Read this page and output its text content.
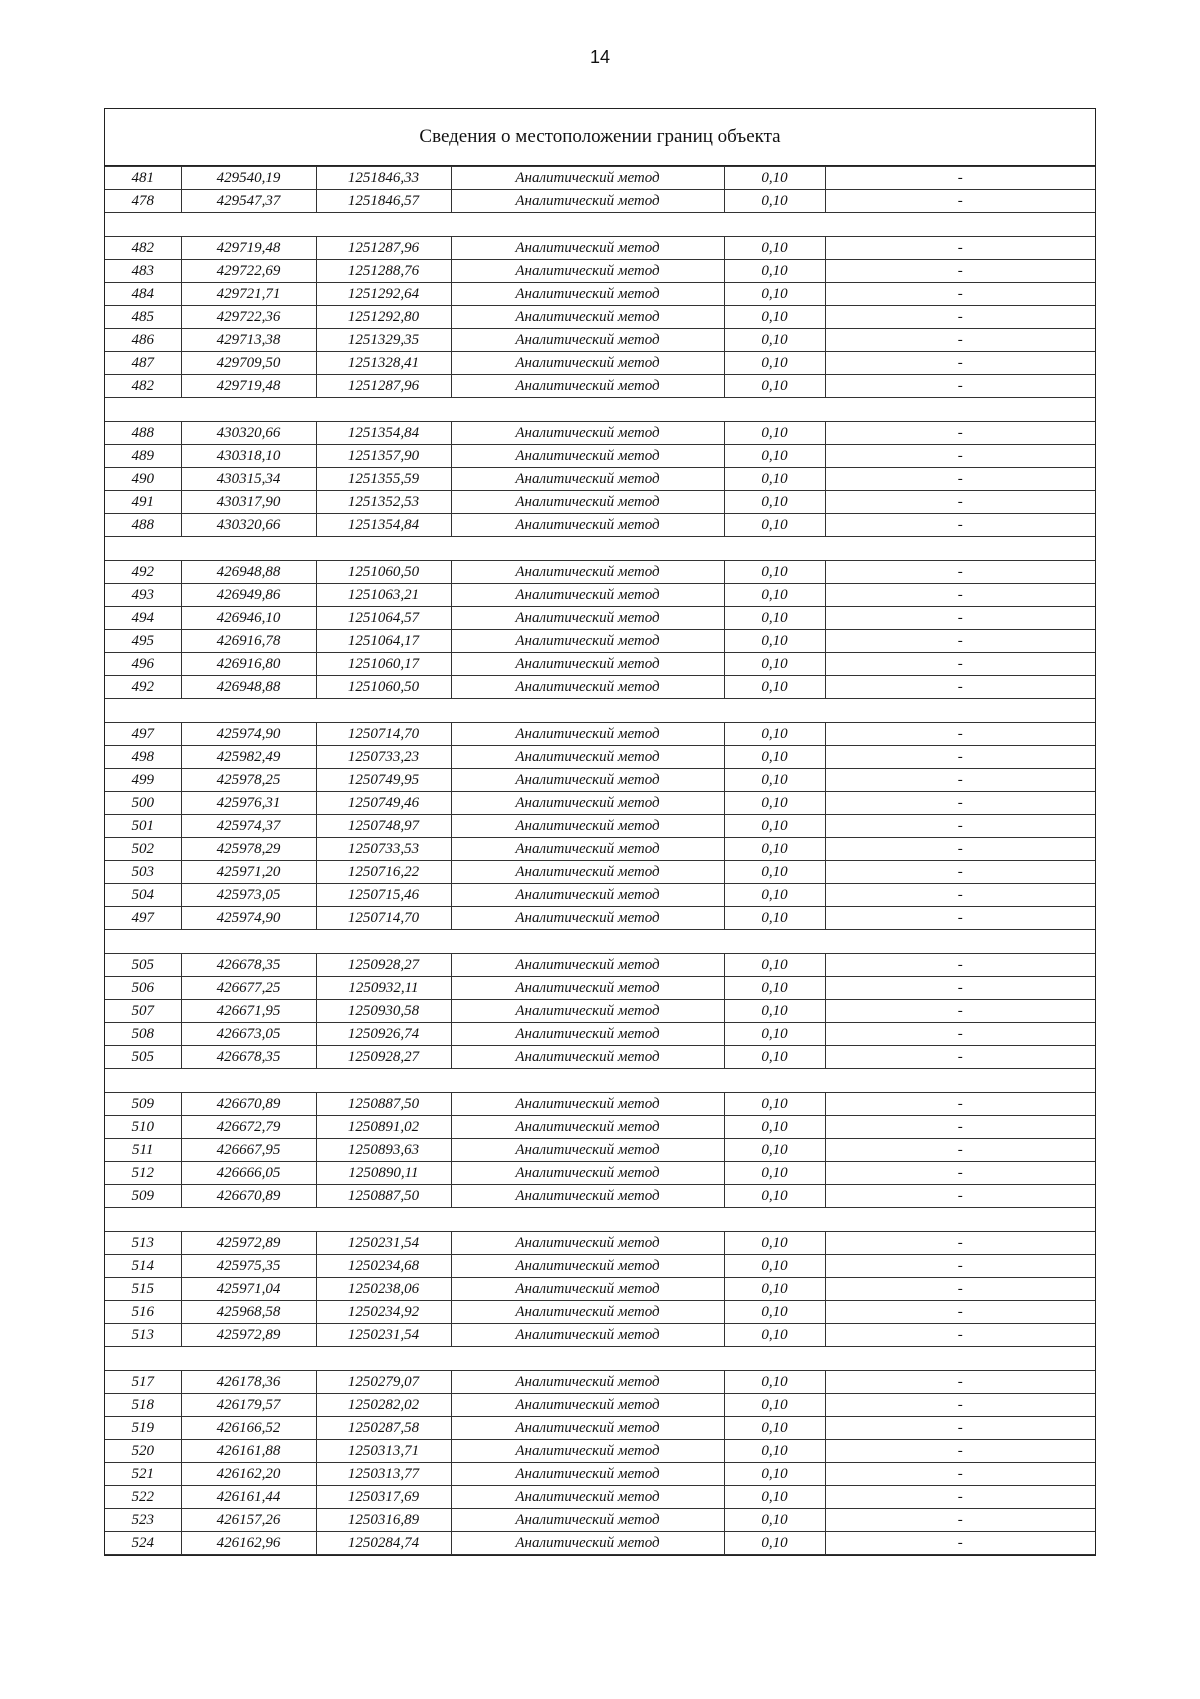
14
Сведения о местоположении границ объекта
481	429540,19	1251846,33	Аналитический метод	0,10	-
478	429547,37	1251846,57	Аналитический метод	0,10	-

482	429719,48	1251287,96	Аналитический метод	0,10	-
483	429722,69	1251288,76	Аналитический метод	0,10	-
484	429721,71	1251292,64	Аналитический метод	0,10	-
485	429722,36	1251292,80	Аналитический метод	0,10	-
486	429713,38	1251329,35	Аналитический метод	0,10	-
487	429709,50	1251328,41	Аналитический метод	0,10	-
482	429719,48	1251287,96	Аналитический метод	0,10	-

488	430320,66	1251354,84	Аналитический метод	0,10	-
489	430318,10	1251357,90	Аналитический метод	0,10	-
490	430315,34	1251355,59	Аналитический метод	0,10	-
491	430317,90	1251352,53	Аналитический метод	0,10	-
488	430320,66	1251354,84	Аналитический метод	0,10	-

492	426948,88	1251060,50	Аналитический метод	0,10	-
493	426949,86	1251063,21	Аналитический метод	0,10	-
494	426946,10	1251064,57	Аналитический метод	0,10	-
495	426916,78	1251064,17	Аналитический метод	0,10	-
496	426916,80	1251060,17	Аналитический метод	0,10	-
492	426948,88	1251060,50	Аналитический метод	0,10	-

497	425974,90	1250714,70	Аналитический метод	0,10	-
498	425982,49	1250733,23	Аналитический метод	0,10	-
499	425978,25	1250749,95	Аналитический метод	0,10	-
500	425976,31	1250749,46	Аналитический метод	0,10	-
501	425974,37	1250748,97	Аналитический метод	0,10	-
502	425978,29	1250733,53	Аналитический метод	0,10	-
503	425971,20	1250716,22	Аналитический метод	0,10	-
504	425973,05	1250715,46	Аналитический метод	0,10	-
497	425974,90	1250714,70	Аналитический метод	0,10	-

505	426678,35	1250928,27	Аналитический метод	0,10	-
506	426677,25	1250932,11	Аналитический метод	0,10	-
507	426671,95	1250930,58	Аналитический метод	0,10	-
508	426673,05	1250926,74	Аналитический метод	0,10	-
505	426678,35	1250928,27	Аналитический метод	0,10	-

509	426670,89	1250887,50	Аналитический метод	0,10	-
510	426672,79	1250891,02	Аналитический метод	0,10	-
511	426667,95	1250893,63	Аналитический метод	0,10	-
512	426666,05	1250890,11	Аналитический метод	0,10	-
509	426670,89	1250887,50	Аналитический метод	0,10	-

513	425972,89	1250231,54	Аналитический метод	0,10	-
514	425975,35	1250234,68	Аналитический метод	0,10	-
515	425971,04	1250238,06	Аналитический метод	0,10	-
516	425968,58	1250234,92	Аналитический метод	0,10	-
513	425972,89	1250231,54	Аналитический метод	0,10	-

517	426178,36	1250279,07	Аналитический метод	0,10	-
518	426179,57	1250282,02	Аналитический метод	0,10	-
519	426166,52	1250287,58	Аналитический метод	0,10	-
520	426161,88	1250313,71	Аналитический метод	0,10	-
521	426162,20	1250313,77	Аналитический метод	0,10	-
522	426161,44	1250317,69	Аналитический метод	0,10	-
523	426157,26	1250316,89	Аналитический метод	0,10	-
524	426162,96	1250284,74	Аналитический метод	0,10	-
